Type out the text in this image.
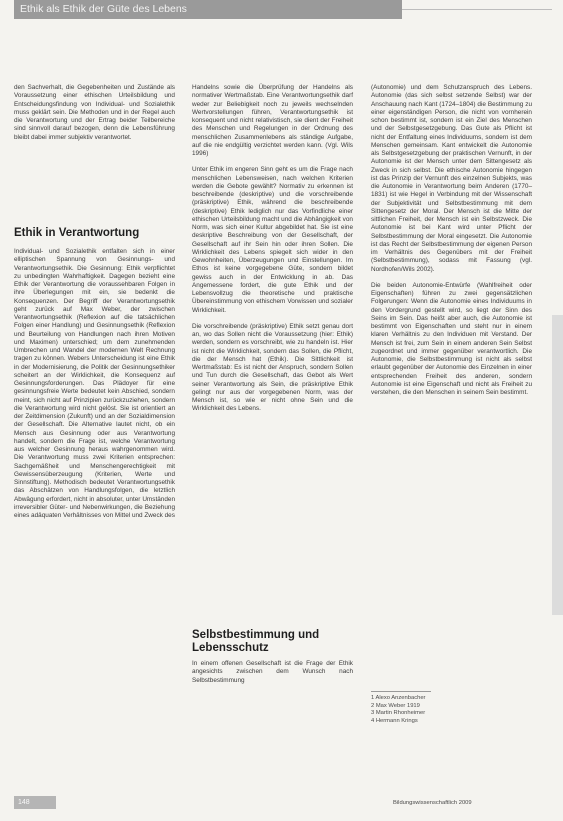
Ethik als Ethik der Güte des Lebens

den Sachverhalt, die Gegebenheiten und Zustände als Voraussetzung einer ethischen Urteilsbildung und Entscheidungsfindung von Individual- und Sozialethik muss geklärt sein. Die Methoden und in der Regel auch die Verantwortung und der Ertrag beider Teilbereiche sind sinnvoll darauf bezogen, denn die Lebensführung bleibt dabei immer subjektiv verantwortet.

Ethik in Verantwortung

Individual- und Sozialethik entfalten sich in einer elliptischen Spannung von Gesinnungs- und Verantwortungsethik. Die Gesinnung: Ethik verpflichtet zu unbedingten Wahrhaftigkeit. Dagegen bezieht eine Ethik der Verantwortung die voraussehbaren Folgen in ihre Überlegungen mit ein, sie bedenkt die Konsequenzen. Der Begriff der Verantwortungsethik geht zurück auf Max Weber, der zwischen Verantwortungsethik (Reflexion auf die tatsächlichen Folgen einer Handlung) und Gesinnungsethik (Reflexion und Beurteilung von Handlungen nach ihren Motiven und Maximen) unterschied; um dem zunehmenden Umbrechen und Wandel der modernen Welt Rechnung tragen zu können. Webers Unterscheidung ist eine Ethik in der Modernisierung, die Politik der Gesinnungsethiker scheitert an der Wirklichkeit, die Konsequenz auf Gesinnungsforderungen. Das Plädoyer für eine gesinnungsfreie Werte bedeutet kein Abschied, sondern meint, sich nicht auf Prinzipien zurückzuziehen, sondern die Verantwortung wird nicht gelöst. Sie ist orientiert an der Zeitdimension (Zukunft) und an der Sozialdimension der Gesellschaft. Die Alternative lautet nicht, ob ein Mensch aus Gesinnung oder aus Verantwortung handelt, sondern die Frage ist, welche Verantwortung aus welcher Gesinnung heraus wahrgenommen wird. Die Verantwortung muss zwei Kriterien entsprechen: Sachgemäßheit und Menschengerechtigkeit mit Gewissensüberzeugung (Kriterien, Werte und Sinnstiftung). Methodisch bedeutet Verantwortungsethik das Abschätzen von Handlungsfolgen, die letztlich Abwägung erfordert, nicht in absoluter, unter Umständen irreversibler Güter- und Nebenwirkungen, die Beziehung eines adäquaten Verhältnisses von Mittel und Zweck des

Handelns sowie die Überprüfung der Handelns als normativer Wertmaßstab. Eine Verantwortungsethik darf weder zur Beliebigkeit noch zu jeweils wechselnden Wertvorstellungen führen, Verantwortungsethik ist konsequent und nicht relativistisch, sie dient der Freiheit des Menschen und Regelungen in der Ordnung des menschlichen Zusammenlebens als ständige Aufgabe, auf die nie endgültig verzichtet werden kann. (Vgl. Wils 1996)

Unter Ethik im engeren Sinn geht es um die Frage nach menschlichen Lebensweisen, nach welchen Kriterien werden die Gebote gewählt? Normativ zu erkennen ist beschreibende (deskriptive) und die vorschreibende (präskriptive) Ethik, während die beschreibende (deskriptive) Ethik lediglich nur das Vorfindliche einer ethischen Urteilsbildung macht und die Abhängigkeit von Norm, was sich einer Kultur abgebildet hat. Sie ist eine deskriptive Beschreibung von der Gesellschaft, der Gesellschaft auf ihr Sein hin oder ihren Sollen. Die Wirklichkeit des Lebens spiegelt sich wider in den Gewohnheiten, Überzeugungen und Einstellungen. Im Ethos ist keine vorgegebene Güte, sondern bildet gewiss auch in der Entwicklung in ab. Das Angemessene fordert, die gute Ethik und der Lebensvollzug die theoretische und praktische Übereinstimmung von ethischem Vorwissen und sozialer Wirklichkeit.

Die vorschreibende (präskriptive) Ethik setzt genau dort an, wo das Sollen nicht die Voraussetzung (hier: Ethik) werden, sondern es vorschreibt, wie zu handeln ist. Hier ist nicht die Wirklichkeit, sondern das Sollen, die Pflicht, die der Mensch hat (Ethik). Die Sittlichkeit ist Wertmaßstab: Es ist nicht der Anspruch, sondern Sollen und Tun durch die Gesellschaft, das Gebot als Wert seiner Verantwortung als Sein, die präskriptive Ethik gelingt nur aus der vorgegebenen Norm, was der Mensch ist, so wie er nicht ohne Sein und die Wirklichkeit des Lebens.

Selbstbestimmung und Lebensschutz

In einem offenen Gesellschaft ist die Frage der Ethik angesichts zwischen dem Wunsch nach Selbstbestimmung

(Autonomie) und dem Schutzanspruch des Lebens. Autonomie (das sich selbst setzende Selbst) war der Anschauung nach Kant (1724–1804) die Bestimmung zu einer eigenständigen Person, die nicht von vornherein schon bestimmt ist, sondern ist ein Ziel des Menschen und der Selbstgesetzgebung. Das Gute als Pflicht ist nicht der Entfaltung eines Individuums, sondern ist dem Menschen gemeinsam. Kant entwickelt die Autonomie als Selbstgesetzgebung der praktischen Vernunft, in der Autonomie ist der Mensch unter dem Sittengesetz als Zweck in sich selbst. Die ethische Autonomie hingegen ist das Prinzip der Vernunft des einzelnen Subjekts, was die Autonomie in Verantwortung beim Anderen (1770–1831) ist wie Hegel in Verbindung mit der Wissenschaft der Subjektivität und Selbstbestimmung mit dem Sittengesetz der Moral. Der Mensch ist die Mitte der sittlichen Freiheit, der Mensch ist ein Selbstzweck. Die Autonomie ist bei Kant wird unter Pflicht der Selbstbestimmung der Moral eingesetzt. Die Autonomie ist das Recht der Selbstbestimmung der eigenen Person im Verhältnis des Gegenübers mit der Freiheit (Selbstbestimmung), sodass mit Fassung (vgl. Nordhofen/Wils 2002).

Die beiden Autonomie-Entwürfe (Wahlfreiheit oder Eigenschaften) führen zu zwei gegensätzlichen Folgerungen: Wenn die Autonomie eines Individuums in den Vordergrund gestellt wird, so liegt der Sinn des Seins im Sein. Das heißt aber auch, die Autonomie ist bestimmt von Eigenschaften und steht nur in einem klaren Verhältnis zu den Individuen mit Verstand. Der Mensch ist frei, zum Sein in einem anderen Sein Selbst zugeordnet und immer gegenüber verantwortlich. Die Autonomie, die Selbstbestimmung ist nicht als selbst erlaubt gegenüber der Autonomie des Einzelnen in einer entsprechenden Freiheit des anderen, sondern Autonomie ist eine Eigenschaft und nicht als Freiheit zu verstehen, die den Menschen in seinem Sein bestimmt.

1 Alexo Anzenbacher
2 Max Weber 1919
3 Martin Rhonheimer
4 Hermann Krings
148	Bildungswissenschaftlich 2009
